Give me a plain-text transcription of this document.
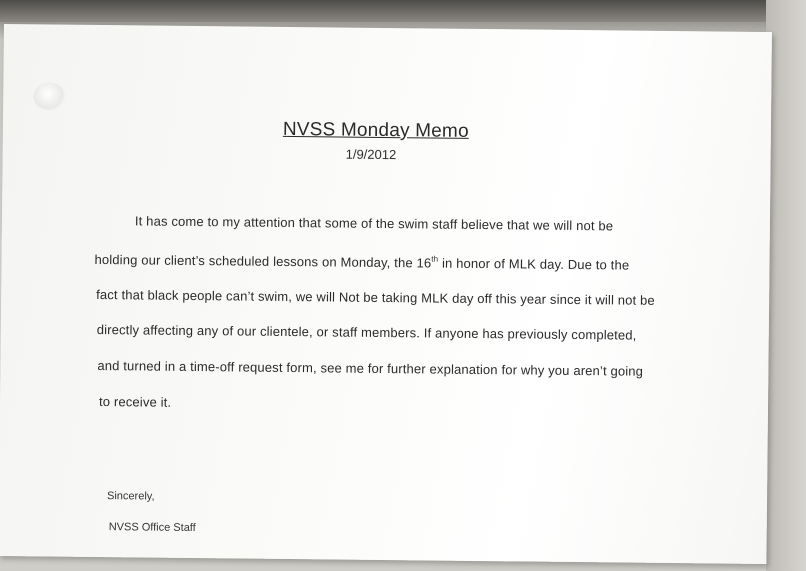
NVSS Monday Memo
1/9/2012
It has come to my attention that some of the swim staff believe that we will not be
holding our client’s scheduled lessons on Monday, the 16th in honor of MLK day. Due to the
fact that black people can’t swim, we will Not be taking MLK day off this year since it will not be
directly affecting any of our clientele, or staff members. If anyone has previously completed,
and turned in a time-off request form, see me for further explanation for why you aren’t going
to receive it.
Sincerely,
NVSS Office Staff
